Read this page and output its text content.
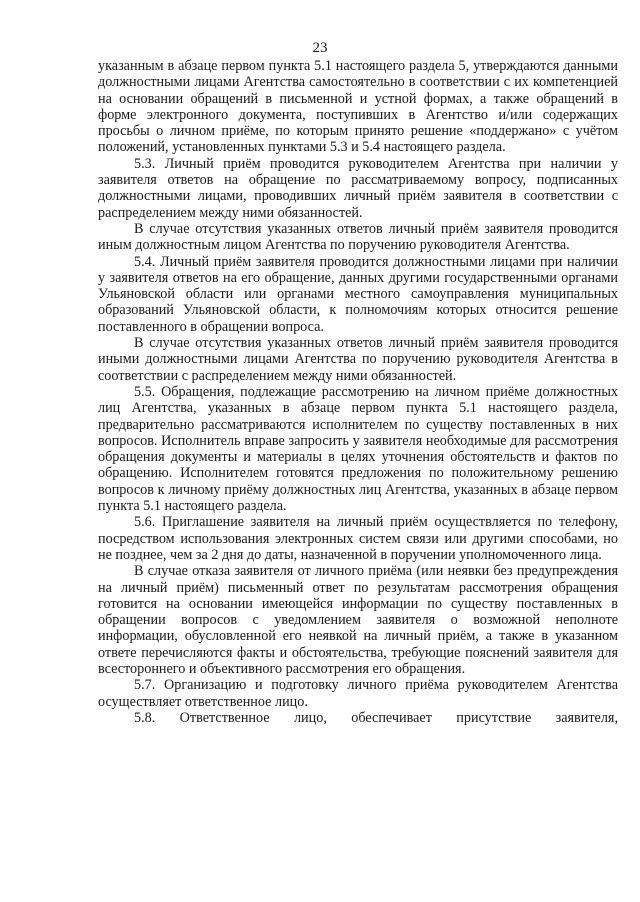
23

указанным в абзаце первом пункта 5.1 настоящего раздела 5, утверждаются данными должностными лицами Агентства самостоятельно в соответствии с их компетенцией на основании обращений в письменной и устной формах, а также обращений в форме электронного документа, поступивших в Агентство и/или содержащих просьбы о личном приёме, по которым принято решение «поддержано» с учётом положений, установленных пунктами 5.3 и 5.4 настоящего раздела.

5.3. Личный приём проводится руководителем Агентства при наличии у заявителя ответов на обращение по рассматриваемому вопросу, подписанных должностными лицами, проводивших личный приём заявителя в соответствии с распределением между ними обязанностей.

В случае отсутствия указанных ответов личный приём заявителя проводится иным должностным лицом Агентства по поручению руководителя Агентства.

5.4. Личный приём заявителя проводится должностными лицами при наличии у заявителя ответов на его обращение, данных другими государственными органами Ульяновской области или органами местного самоуправления муниципальных образований Ульяновской области, к полномочиям которых относится решение поставленного в обращении вопроса.

В случае отсутствия указанных ответов личный приём заявителя проводится иными должностными лицами Агентства по поручению руководителя Агентства в соответствии с распределением между ними обязанностей.

5.5. Обращения, подлежащие рассмотрению на личном приёме должностных лиц Агентства, указанных в абзаце первом пункта 5.1 настоящего раздела, предварительно рассматриваются исполнителем по существу поставленных в них вопросов. Исполнитель вправе запросить у заявителя необходимые для рассмотрения обращения документы и материалы в целях уточнения обстоятельств и фактов по обращению. Исполнителем готовятся предложения по положительному решению вопросов к личному приёму должностных лиц Агентства, указанных в абзаце первом пункта 5.1 настоящего раздела.

5.6. Приглашение заявителя на личный приём осуществляется по телефону, посредством использования электронных систем связи или другими способами, но не позднее, чем за 2 дня до даты, назначенной в поручении уполномоченного лица.

В случае отказа заявителя от личного приёма (или неявки без предупреждения на личный приём) письменный ответ по результатам рассмотрения обращения готовится на основании имеющейся информации по существу поставленных в обращении вопросов с уведомлением заявителя о возможной неполноте информации, обусловленной его неявкой на личный приём, а также в указанном ответе перечисляются факты и обстоятельства, требующие пояснений заявителя для всестороннего и объективного рассмотрения его обращения.

5.7. Организацию и подготовку личного приёма руководителем Агентства осуществляет ответственное лицо.

5.8. Ответственное лицо, обеспечивает присутствие заявителя,
